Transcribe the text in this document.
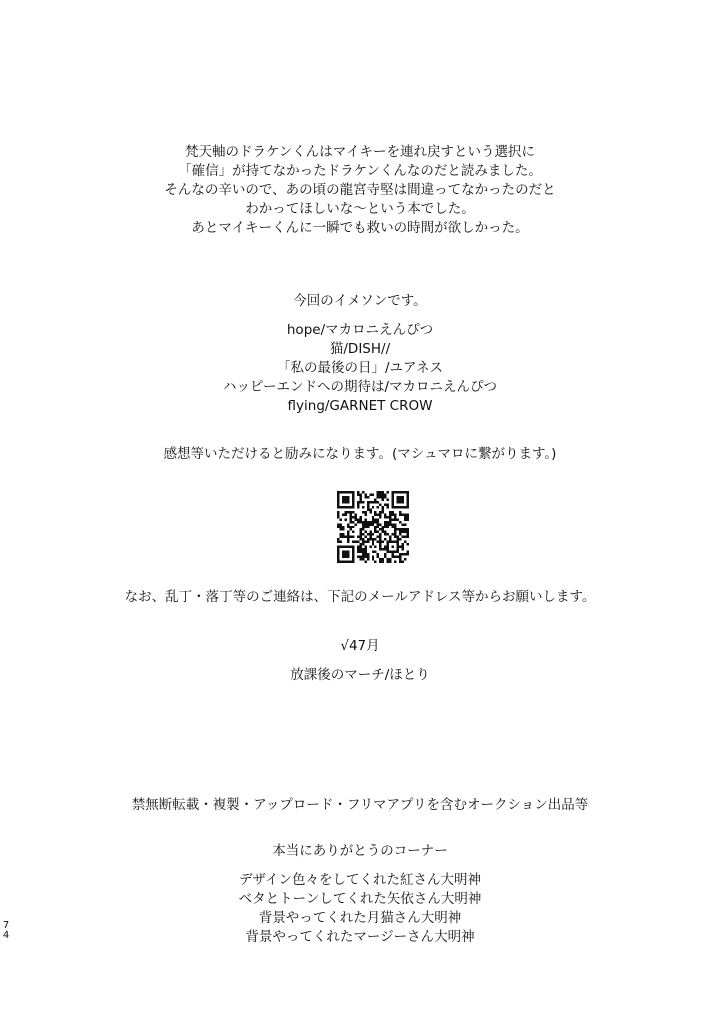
梵天軸のドラケンくんはマイキーを連れ戻すという選択に
「確信」が持てなかったドラケンくんなのだと読みました。
そんなの辛いので、あの頃の龍宮寺堅は間違ってなかったのだと
わかってほしいな〜という本でした。
あとマイキーくんに一瞬でも救いの時間が欲しかった。
今回のイメソンです。
hope/マカロニえんぴつ
猫/DISH//
「私の最後の日」/ユアネス
ハッピーエンドへの期待は/マカロニえんぴつ
flying/GARNET CROW
感想等いただけると励みになります。(マシュマロに繋がります。)
なお、乱丁・落丁等のご連絡は、下記のメールアドレス等からお願いします。
√47月
放課後のマーチ/ほとり
禁無断転載・複製・アップロード・フリマアプリを含むオークション出品等
本当にありがとうのコーナー
デザイン色々をしてくれた紅さん大明神
ベタとトーンしてくれた矢依さん大明神
背景やってくれた月猫さん大明神
背景やってくれたマージーさん大明神
74
